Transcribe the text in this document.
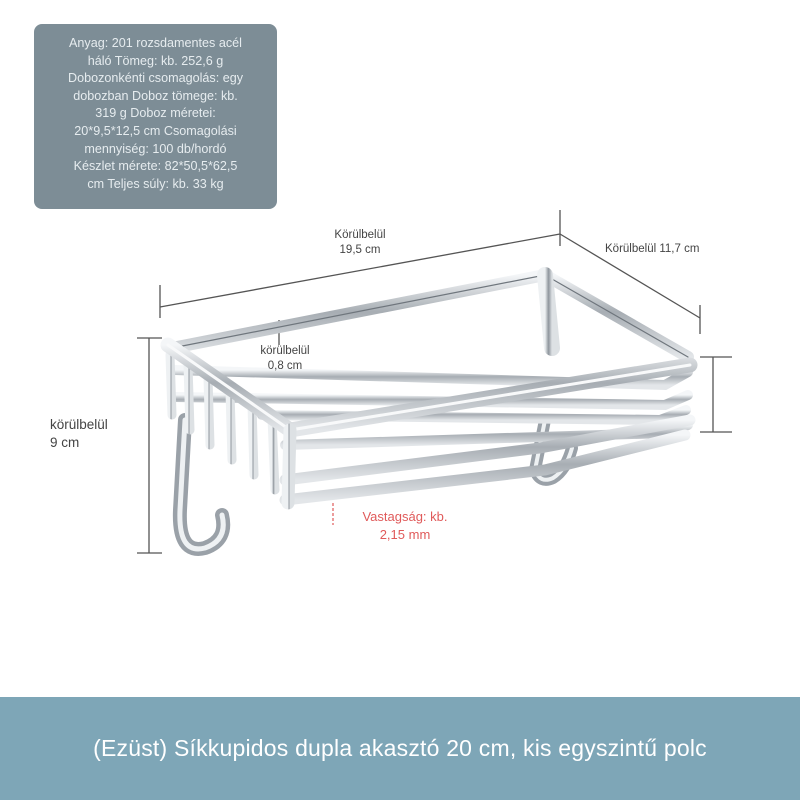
Anyag: 201 rozsdamentes acél
háló Tömeg: kb. 252,6 g
Dobozonkénti csomagolás: egy
dobozban Doboz tömege: kb.
319 g Doboz méretei:
20*9,5*12,5 cm Csomagolási
mennyiség: 100 db/hordó
Készlet mérete: 82*50,5*62,5
cm Teljes súly: kb. 33 kg
Körülbelül
19,5 cm	Körülbelül 11,7 cm
körülbelül
0,8 cm
körülbelül
9 cm
Vastagság: kb.
2,15 mm
(Ezüst) Síkkupidos dupla akasztó 20 cm, kis egyszintű polc
